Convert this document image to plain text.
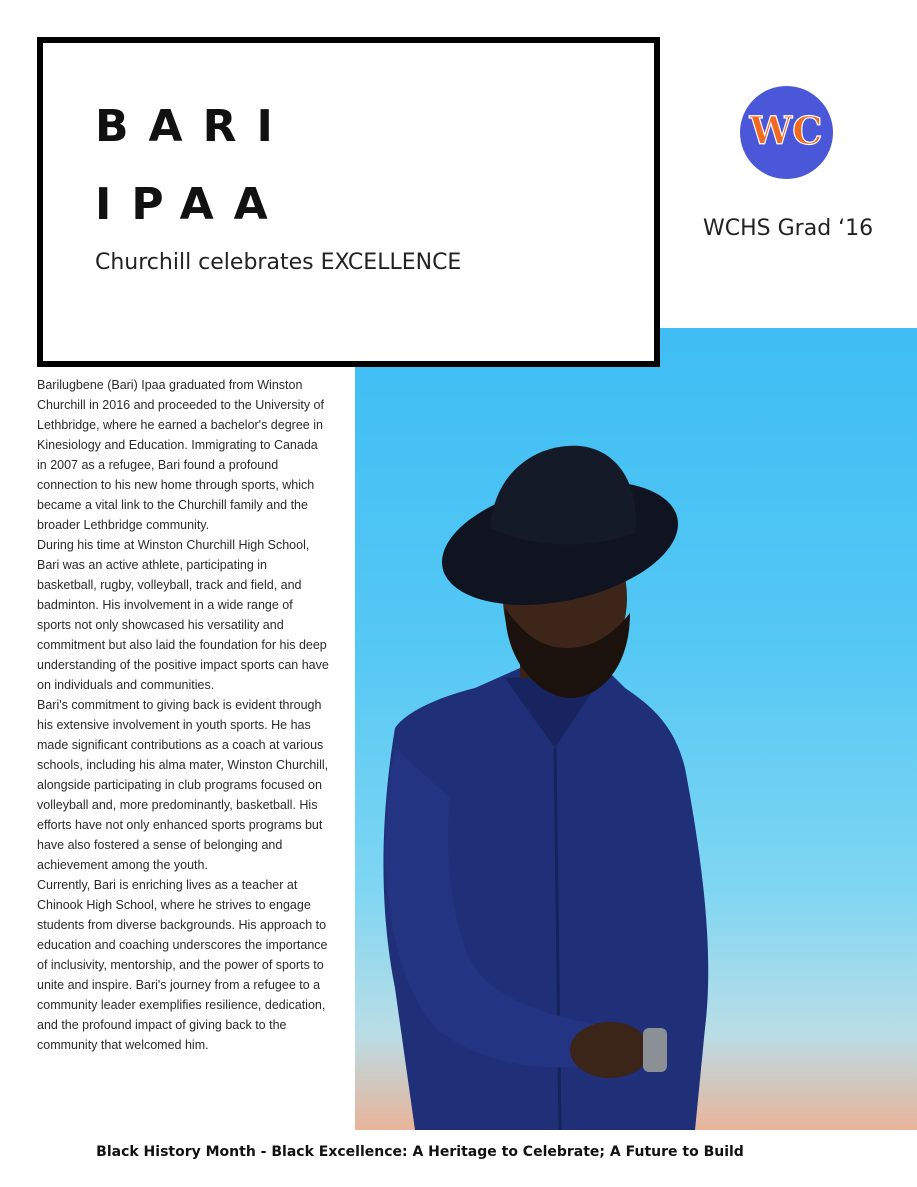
BARI
IPAA
Churchill celebrates EXCELLENCE
WC
WCHS Grad ‘16

Barilugbene (Bari) Ipaa graduated from Winston Churchill in 2016 and proceeded to the University of Lethbridge, where he earned a bachelor's degree in Kinesiology and Education. Immigrating to Canada in 2007 as a refugee, Bari found a profound connection to his new home through sports, which became a vital link to the Churchill family and the broader Lethbridge community.

During his time at Winston Churchill High School, Bari was an active athlete, participating in basketball, rugby, volleyball, track and field, and badminton. His involvement in a wide range of sports not only showcased his versatility and commitment but also laid the foundation for his deep understanding of the positive impact sports can have on individuals and communities.

Bari's commitment to giving back is evident through his extensive involvement in youth sports. He has made significant contributions as a coach at various schools, including his alma mater, Winston Churchill, alongside participating in club programs focused on volleyball and, more predominantly, basketball. His efforts have not only enhanced sports programs but have also fostered a sense of belonging and achievement among the youth.

Currently, Bari is enriching lives as a teacher at Chinook High School, where he strives to engage students from diverse backgrounds. His approach to education and coaching underscores the importance of inclusivity, mentorship, and the power of sports to unite and inspire. Bari's journey from a refugee to a community leader exemplifies resilience, dedication, and the profound impact of giving back to the community that welcomed him.

Black History Month - Black Excellence: A Heritage to Celebrate; A Future to Build
